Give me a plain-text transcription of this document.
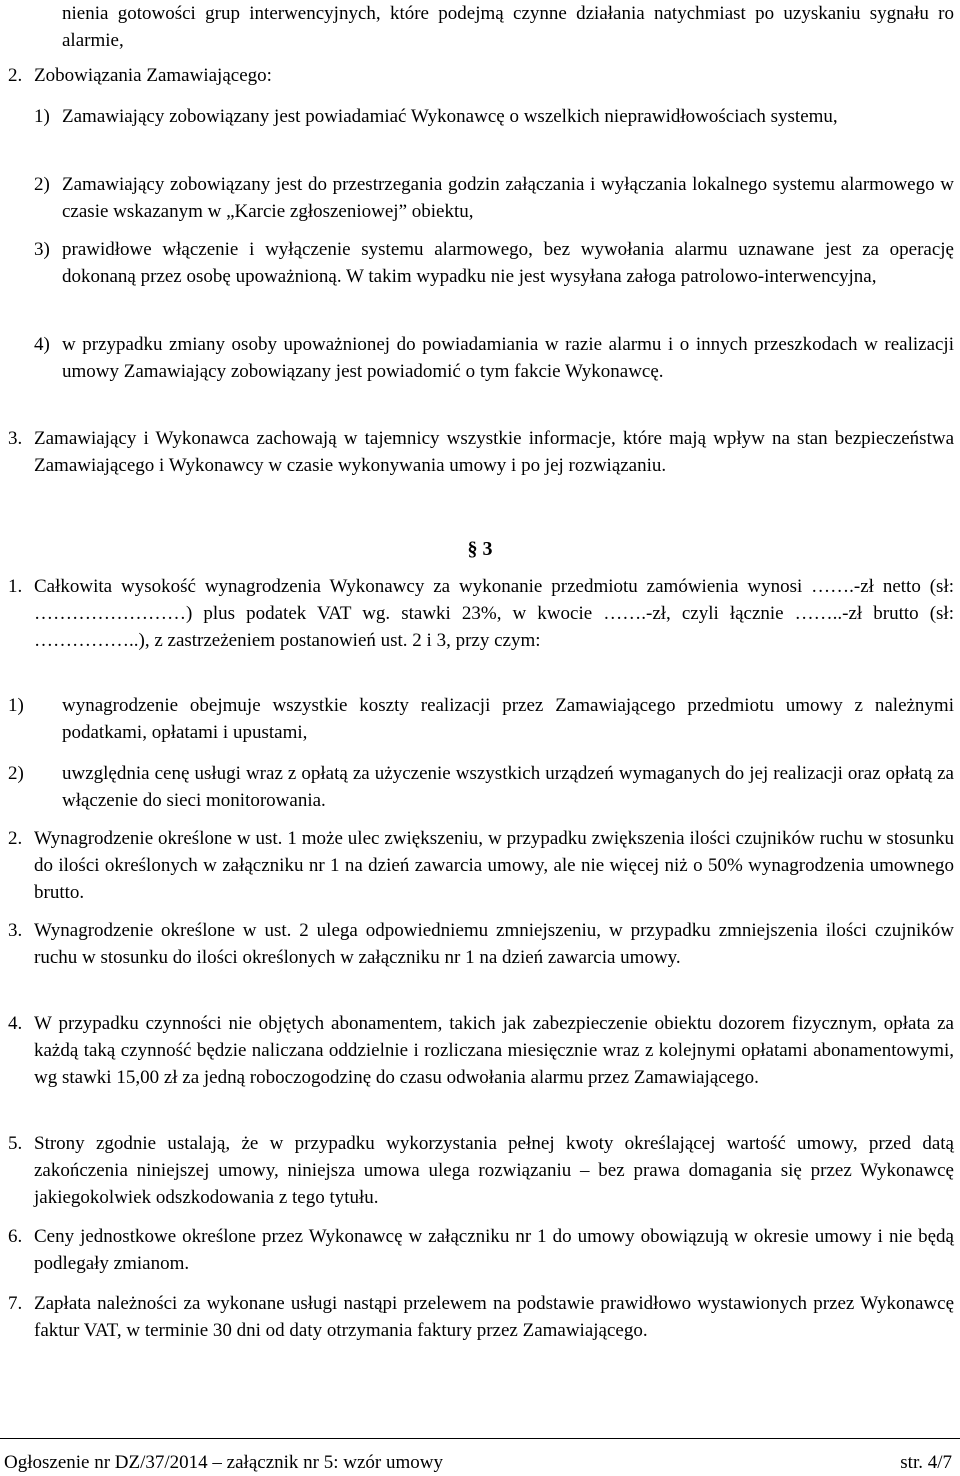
nienia gotowości grup interwencyjnych, które podejmą czynne działania natychmiast po uzyskaniu sygnału ro alarmie,

2. Zobowiązania Zamawiającego:
1) Zamawiający zobowiązany jest powiadamiać Wykonawcę o wszelkich nieprawidłowościach systemu,

2) Zamawiający zobowiązany jest do przestrzegania godzin załączania i wyłączania lokalnego systemu alarmowego w czasie wskazanym w „Karcie zgłoszeniowej” obiektu,

3) prawidłowe włączenie i wyłączenie systemu alarmowego, bez wywołania alarmu uznawane jest za operację dokonaną przez osobę upoważnioną. W takim wypadku nie jest wysyłana załoga patrolowo-interwencyjna,

4) w przypadku zmiany osoby upoważnionej do powiadamiania w razie alarmu i o innych przeszkodach w realizacji umowy Zamawiający zobowiązany jest powiadomić o tym fakcie Wykonawcę.

3. Zamawiający i Wykonawca zachowają w tajemnicy wszystkie informacje, które mają wpływ na stan bezpieczeństwa Zamawiającego i Wykonawcy w czasie wykonywania umowy i po jej rozwiązaniu.

§ 3
1. Całkowita wysokość wynagrodzenia Wykonawcy za wykonanie przedmiotu zamówienia wynosi …….-zł netto (sł: ……………………) plus podatek VAT wg. stawki 23%, w kwocie …….-zł, czyli łącznie ……..-zł brutto (sł: ……………..), z zastrzeżeniem postanowień ust. 2 i 3, przy czym:

1) wynagrodzenie obejmuje wszystkie koszty realizacji przez Zamawiającego przedmiotu umowy z należnymi podatkami, opłatami i upustami,

2) uwzględnia cenę usługi wraz z opłatą za użyczenie wszystkich urządzeń wymaganych do jej realizacji oraz opłatą za włączenie do sieci monitorowania.

2. Wynagrodzenie określone w ust. 1 może ulec zwiększeniu, w przypadku zwiększenia ilości czujników ruchu w stosunku do ilości określonych w załączniku nr 1 na dzień zawarcia umowy, ale nie więcej niż o 50% wynagrodzenia umownego brutto.

3. Wynagrodzenie określone w ust. 2 ulega odpowiedniemu zmniejszeniu, w przypadku zmniejszenia ilości czujników ruchu w stosunku do ilości określonych w załączniku nr 1 na dzień zawarcia umowy.

4. W przypadku czynności nie objętych abonamentem, takich jak zabezpieczenie obiektu dozorem fizycznym, opłata za każdą taką czynność będzie naliczana oddzielnie i rozliczana miesięcznie wraz z kolejnymi opłatami abonamentowymi, wg stawki 15,00 zł za jedną roboczogodzinę do czasu odwołania alarmu przez Zamawiającego.

5. Strony zgodnie ustalają, że w przypadku wykorzystania pełnej kwoty określającej wartość umowy, przed datą zakończenia niniejszej umowy, niniejsza umowa ulega rozwiązaniu – bez prawa domagania się przez Wykonawcę jakiegokolwiek odszkodowania z tego tytułu.

6. Ceny jednostkowe określone przez Wykonawcę w załączniku nr 1 do umowy obowiązują w okresie umowy i nie będą podlegały zmianom.

7. Zapłata należności za wykonane usługi nastąpi przelewem na podstawie prawidłowo wystawionych przez Wykonawcę faktur VAT, w terminie 30 dni od daty otrzymania faktury przez Zamawiającego.

Ogłoszenie nr DZ/37/2014 – załącznik nr 5: wzór umowy	str. 4/7
